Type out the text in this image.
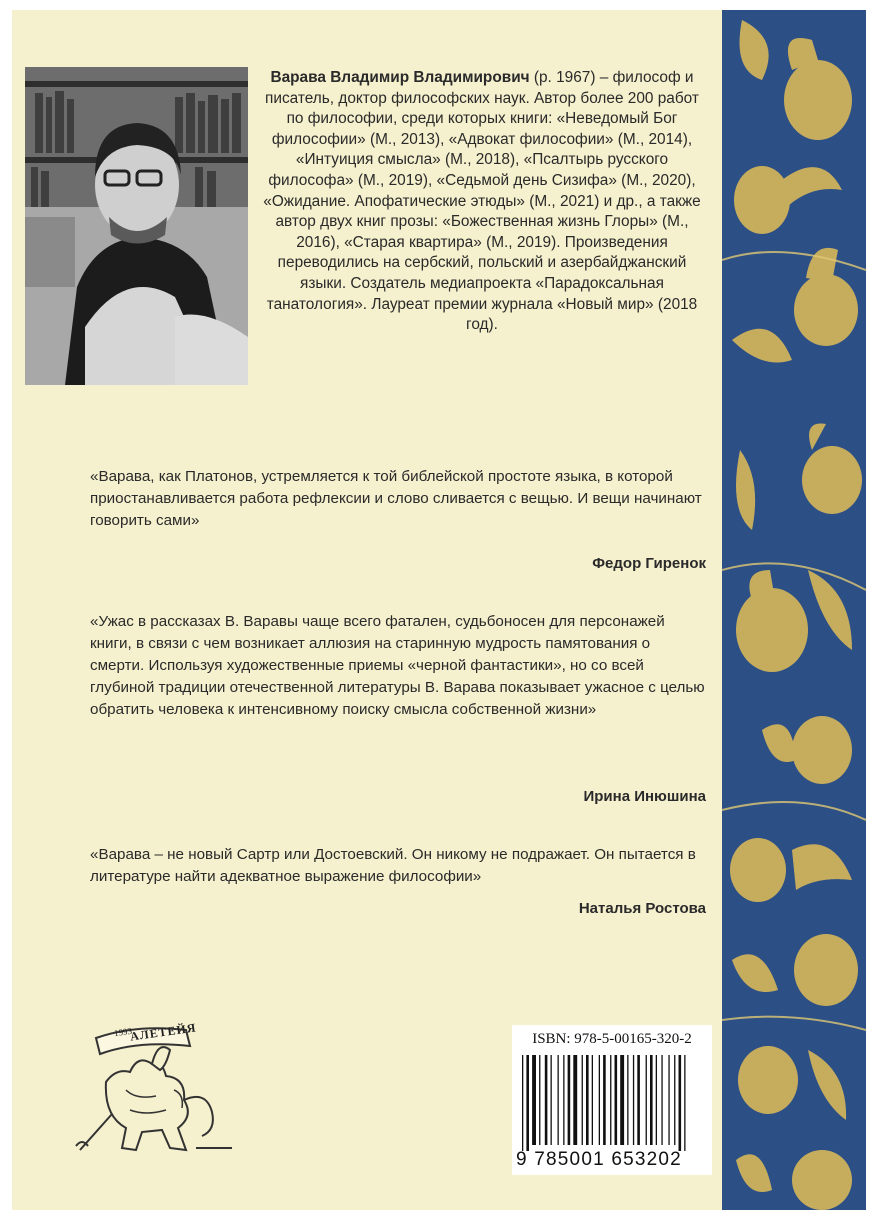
Варава Владимир Владимирович (р. 1967) – философ и писатель, доктор философских наук. Автор более 200 работ по философии, среди которых книги: «Неведомый Бог философии» (М., 2013), «Адвокат философии» (М., 2014), «Интуиция смысла» (М., 2018), «Псалтырь русского философа» (М., 2019), «Седьмой день Сизифа» (М., 2020), «Ожидание. Апофатические этюды» (М., 2021) и др., а также автор двух книг прозы: «Божественная жизнь Глоры» (М., 2016), «Старая квартира» (М., 2019). Произведения переводились на сербский, польский и азербайджанский языки. Создатель медиапроекта «Парадоксальная танатология». Лауреат премии журнала «Новый мир» (2018 год).
«Варава, как Платонов, устремляется к той библейской простоте языка, в которой приостанавливается работа рефлексии и слово сливается с вещью. И вещи начинают говорить сами»
Федор Гиренок
«Ужас в рассказах В. Варавы чаще всего фатален, судьбоносен для персонажей книги, в связи с чем возникает аллюзия на старинную мудрость памятования о смерти. Используя художественные приемы «черной фантастики», но со всей глубиной традиции отечественной литературы В. Варава показывает ужасное с целью обратить человека к интенсивному поиску смысла собственной жизни»
Ирина Инюшина
«Варава – не новый Сартр или Достоевский. Он никому не подражает. Он пытается в литературе найти адекватное выражение философии»
Наталья Ростова
1993
АЛЕТЕЙЯ	ISBN: 978-5-00165-320-2
9 785001 653202
